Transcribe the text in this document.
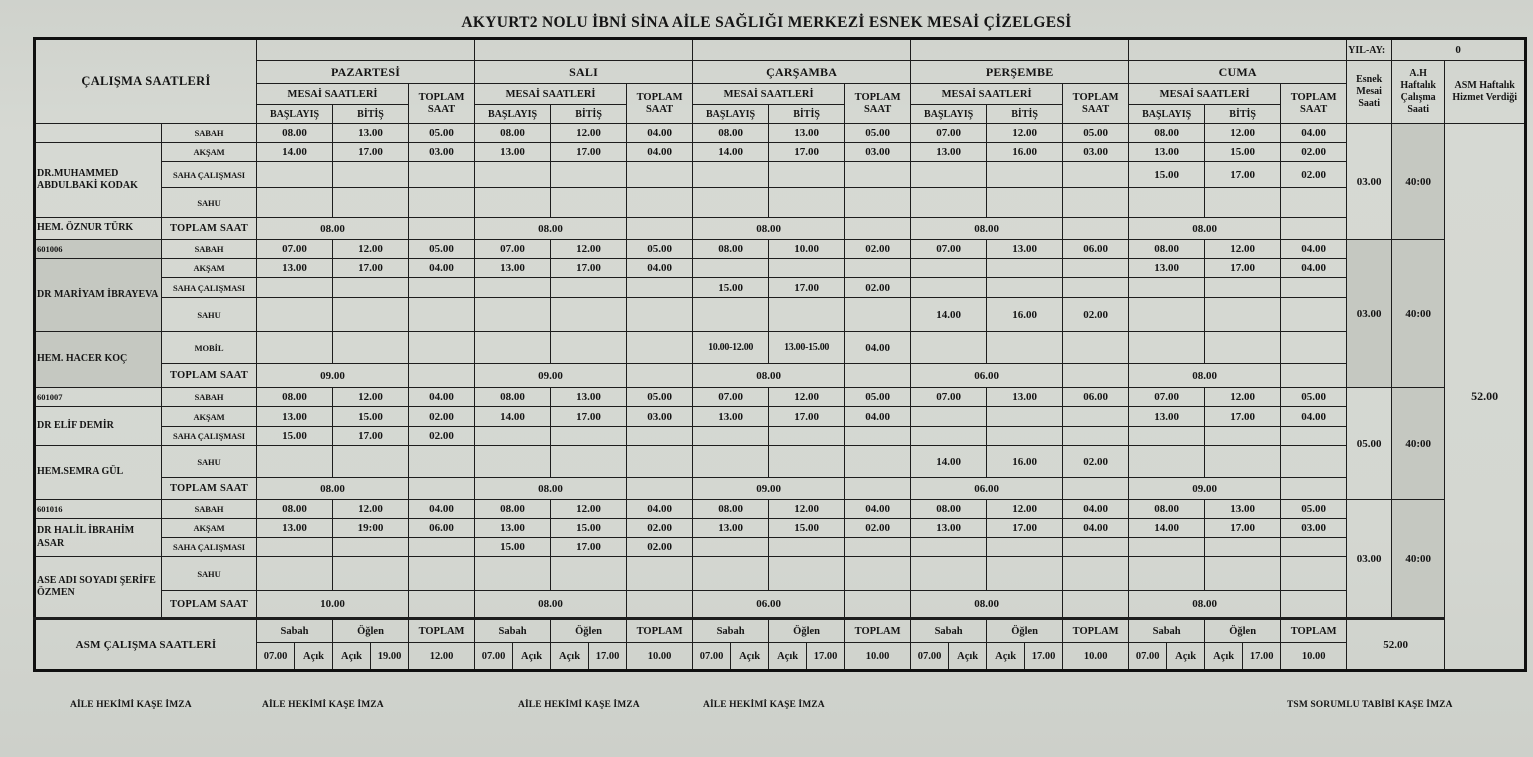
AKYURT2 NOLU İBNİ SİNA AİLE SAĞLIĞI MERKEZİ ESNEK MESAİ ÇİZELGESİ
ÇALIŞMA SAATLERİ																											YIL-AY:	0	
		PAZARTESİ					SALI					ÇARŞAMBA					PERŞEMBE					CUMA					Esnek Mesai Saati	A.H Haftalık Çalışma Saati	ASM Haftalık Hizmet Verdiği
		MESAİ SAATLERİ				TOPLAM SAAT	MESAİ SAATLERİ				TOPLAM SAAT	MESAİ SAATLERİ				TOPLAM SAAT	MESAİ SAATLERİ				TOPLAM SAAT	MESAİ SAATLERİ				TOPLAM SAAT			
		BAŞLAYIŞ		BİTİŞ			BAŞLAYIŞ		BİTİŞ			BAŞLAYIŞ		BİTİŞ			BAŞLAYIŞ		BİTİŞ			BAŞLAYIŞ		BİTİŞ					
	SABAH	08.00		13.00		05.00	08.00		12.00		04.00	08.00		13.00		05.00	07.00		12.00		05.00	08.00		12.00		04.00	03.00	40:00	52.00
DR.MUHAMMED ABDULBAKİ KODAK	AKŞAM	14.00		17.00		03.00	13.00		17.00		04.00	14.00		17.00		03.00	13.00		16.00		03.00	13.00		15.00		02.00			
	SAHA ÇALIŞMASI																					15.00		17.00		02.00			
	SAHU																												
HEM. ÖZNUR TÜRK	TOPLAM SAAT	08.00					08.00					08.00					08.00					08.00							
601006	SABAH	07.00		12.00		05.00	07.00		12.00		05.00	08.00		10.00		02.00	07.00		13.00		06.00	08.00		12.00		04.00	03.00	40:00	
DR MARİYAM İBRAYEVA	AKŞAM	13.00		17.00		04.00	13.00		17.00		04.00											13.00		17.00		04.00			
	SAHA ÇALIŞMASI											15.00		17.00		02.00													
	SAHU																14.00		16.00		02.00								
HEM. HACER KOÇ	MOBİL											10.00-12.00		13.00-15.00		04.00													
	TOPLAM SAAT	09.00					09.00					08.00					06.00					08.00							
601007	SABAH	08.00		12.00		04.00	08.00		13.00		05.00	07.00		12.00		05.00	07.00		13.00		06.00	07.00		12.00		05.00	05.00	40:00	
DR ELİF DEMİR	AKŞAM	13.00		15.00		02.00	14.00		17.00		03.00	13.00		17.00		04.00						13.00		17.00		04.00			
	SAHA ÇALIŞMASI	15.00		17.00		02.00																							
HEM.SEMRA GÜL	SAHU																14.00		16.00		02.00								
	TOPLAM SAAT	08.00					08.00					09.00					06.00					09.00							
601016	SABAH	08.00		12.00		04.00	08.00		12.00		04.00	08.00		12.00		04.00	08.00		12.00		04.00	08.00		13.00		05.00	03.00	40:00	
DR HALİL İBRAHİM ASAR	AKŞAM	13.00		19:00		06.00	13.00		15.00		02.00	13.00		15.00		02.00	13.00		17.00		04.00	14.00		17.00		03.00			
	SAHA ÇALIŞMASI						15.00		17.00		02.00																		
ASE ADI SOYADI ŞERİFE ÖZMEN	SAHU																												
	TOPLAM SAAT	10.00					08.00					06.00					08.00					08.00							
ASM ÇALIŞMA SAATLERİ		Sabah		Öğlen		TOPLAM	Sabah		Öğlen		TOPLAM	Sabah		Öğlen		TOPLAM	Sabah		Öğlen		TOPLAM	Sabah		Öğlen		TOPLAM	52.00		
		07.00	Açık	Açık	19.00	12.00	07.00	Açık	Açık	17.00	10.00	07.00	Açık	Açık	17.00	10.00	07.00	Açık	Açık	17.00	10.00	07.00	Açık	Açık	17.00	10.00			
AİLE HEKİMİ KAŞE İMZA	AİLE HEKİMİ KAŞE İMZA	AİLE HEKİMİ KAŞE İMZA	AİLE HEKİMİ KAŞE İMZA	TSM SORUMLU TABİBİ KAŞE İMZA
